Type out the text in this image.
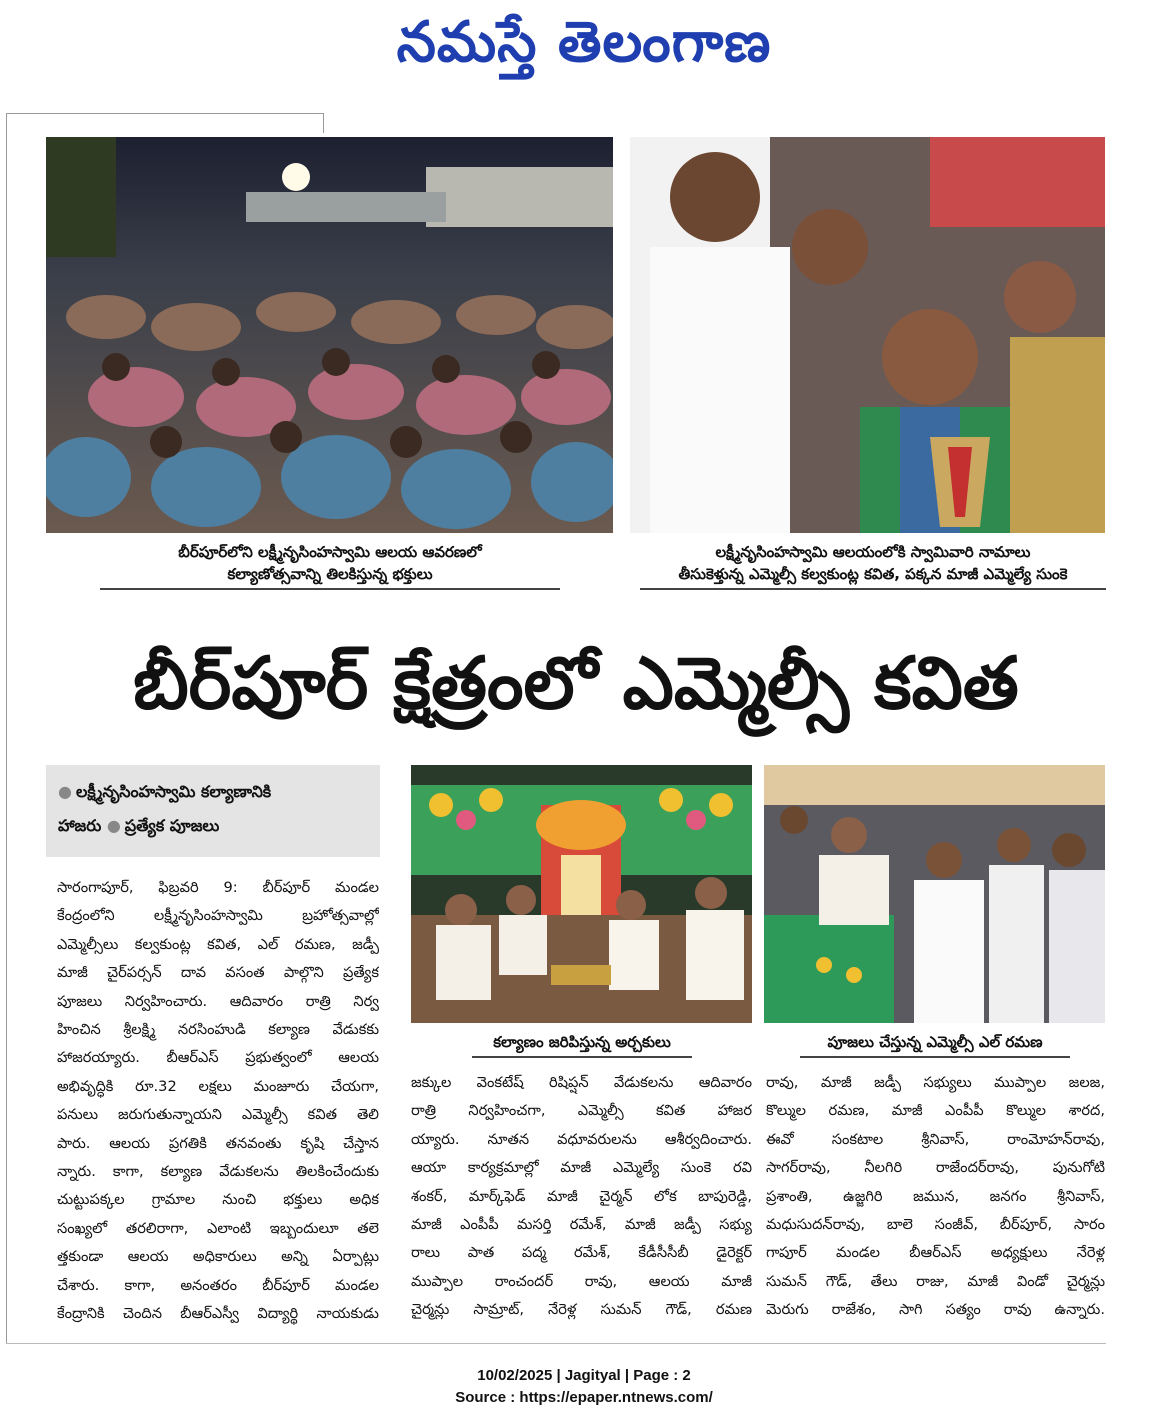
నమస్తే తెలంగాణ
బీర్‌పూర్‌లోని లక్ష్మీనృసింహస్వామి ఆలయ ఆవరణలో
కల్యాణోత్సవాన్ని తిలకిస్తున్న భక్తులు
లక్ష్మీనృసింహస్వామి ఆలయంలోకి స్వామివారి నామాలు
తీసుకెళ్తున్న ఎమ్మెల్సీ కల్వకుంట్ల కవిత, పక్కన మాజీ ఎమ్మెల్యే సుంకె
బీర్‌పూర్ క్షేత్రంలో ఎమ్మెల్సీ కవిత
● లక్ష్మీనృసింహస్వామి కల్యాణానికి
హాజరు ● ప్రత్యేక పూజలు
కల్యాణం జరిపిస్తున్న అర్చకులు	పూజలు చేస్తున్న ఎమ్మెల్సీ ఎల్ రమణ
సారంగాపూర్, ఫిబ్రవరి 9: బీర్‌పూర్ మండల
కేంద్రంలోని లక్ష్మీనృసింహస్వామి బ్రహోత్సవాల్లో
ఎమ్మెల్సీలు కల్వకుంట్ల కవిత, ఎల్ రమణ, జడ్పీ
మాజీ చైర్‌పర్సన్ దావ వసంత పాల్గొని ప్రత్యేక
పూజలు నిర్వహించారు. ఆదివారం రాత్రి నిర్వ
హించిన శ్రీలక్ష్మి నరసింహుడి కల్యాణ వేడుకకు
హాజరయ్యారు. బీఆర్‌ఎస్ ప్రభుత్వంలో ఆలయ
అభివృద్ధికి రూ.32 లక్షలు మంజూరు చేయగా,
పనులు జరుగుతున్నాయని ఎమ్మెల్సీ కవిత తెలి
పారు. ఆలయ ప్రగతికి తనవంతు కృషి చేస్తాన
న్నారు. కాగా, కల్యాణ వేడుకలను తిలకించేందుకు
చుట్టుపక్కల గ్రామాల నుంచి భక్తులు అధిక
సంఖ్యలో తరలిరాగా, ఎలాంటి ఇబ్బందులూ తలె
త్తకుండా ఆలయ అధికారులు అన్ని ఏర్పాట్లు
చేశారు. కాగా, అనంతరం బీర్‌పూర్ మండల
కేంద్రానికి చెందిన బీఆర్‌ఎస్వీ విద్యార్థి నాయకుడు
జక్కుల వెంకటేష్ రిషిప్షన్ వేడుకలను ఆదివారం
రాత్రి నిర్వహించగా, ఎమ్మెల్సీ కవిత హాజర
య్యారు. నూతన వధూవరులను ఆశీర్వదించారు.
ఆయా కార్యక్రమాల్లో మాజీ ఎమ్మెల్యే సుంకె రవి
శంకర్, మార్క్‌ఫెడ్ మాజీ చైర్మన్ లోక బాపురెడ్డి,
మాజీ ఎంపీపీ మసర్తి రమేశ్, మాజీ జడ్పీ సభ్యు
రాలు పాత పద్మ రమేశ్, కేడీసీసీబీ డైరెక్టర్
ముప్పాల రాంచందర్ రావు, ఆలయ మాజీ
చైర్మన్లు సామ్రాట్, నేరెళ్ల సుమన్ గౌడ్, రమణ
రావు, మాజీ జడ్పీ సభ్యులు ముప్పాల జలజ,
కొల్ముల రమణ, మాజీ ఎంపీపీ కొల్ముల శారద,
ఈవో సంకటాల శ్రీనివాస్, రాంమోహన్‌రావు,
సాగర్‌రావు, నీలగిరి రాజేందర్‌రావు, పునుగోటి
ప్రశాంతి, ఉజ్జగిరి జమున, జనగం శ్రీనివాస్,
మధుసుదన్‌రావు, బాలె సంజీవ్, బీర్‌పూర్, సారం
గాపూర్ మండల బీఆర్‌ఎస్ అధ్యక్షులు నేరెళ్ల
సుమన్ గౌడ్, తేలు రాజు, మాజీ విండో చైర్మన్లు
మెరుగు రాజేశం, సాగి సత్యం రావు ఉన్నారు.
10/02/2025 | Jagityal | Page : 2
Source : https://epaper.ntnews.com/
